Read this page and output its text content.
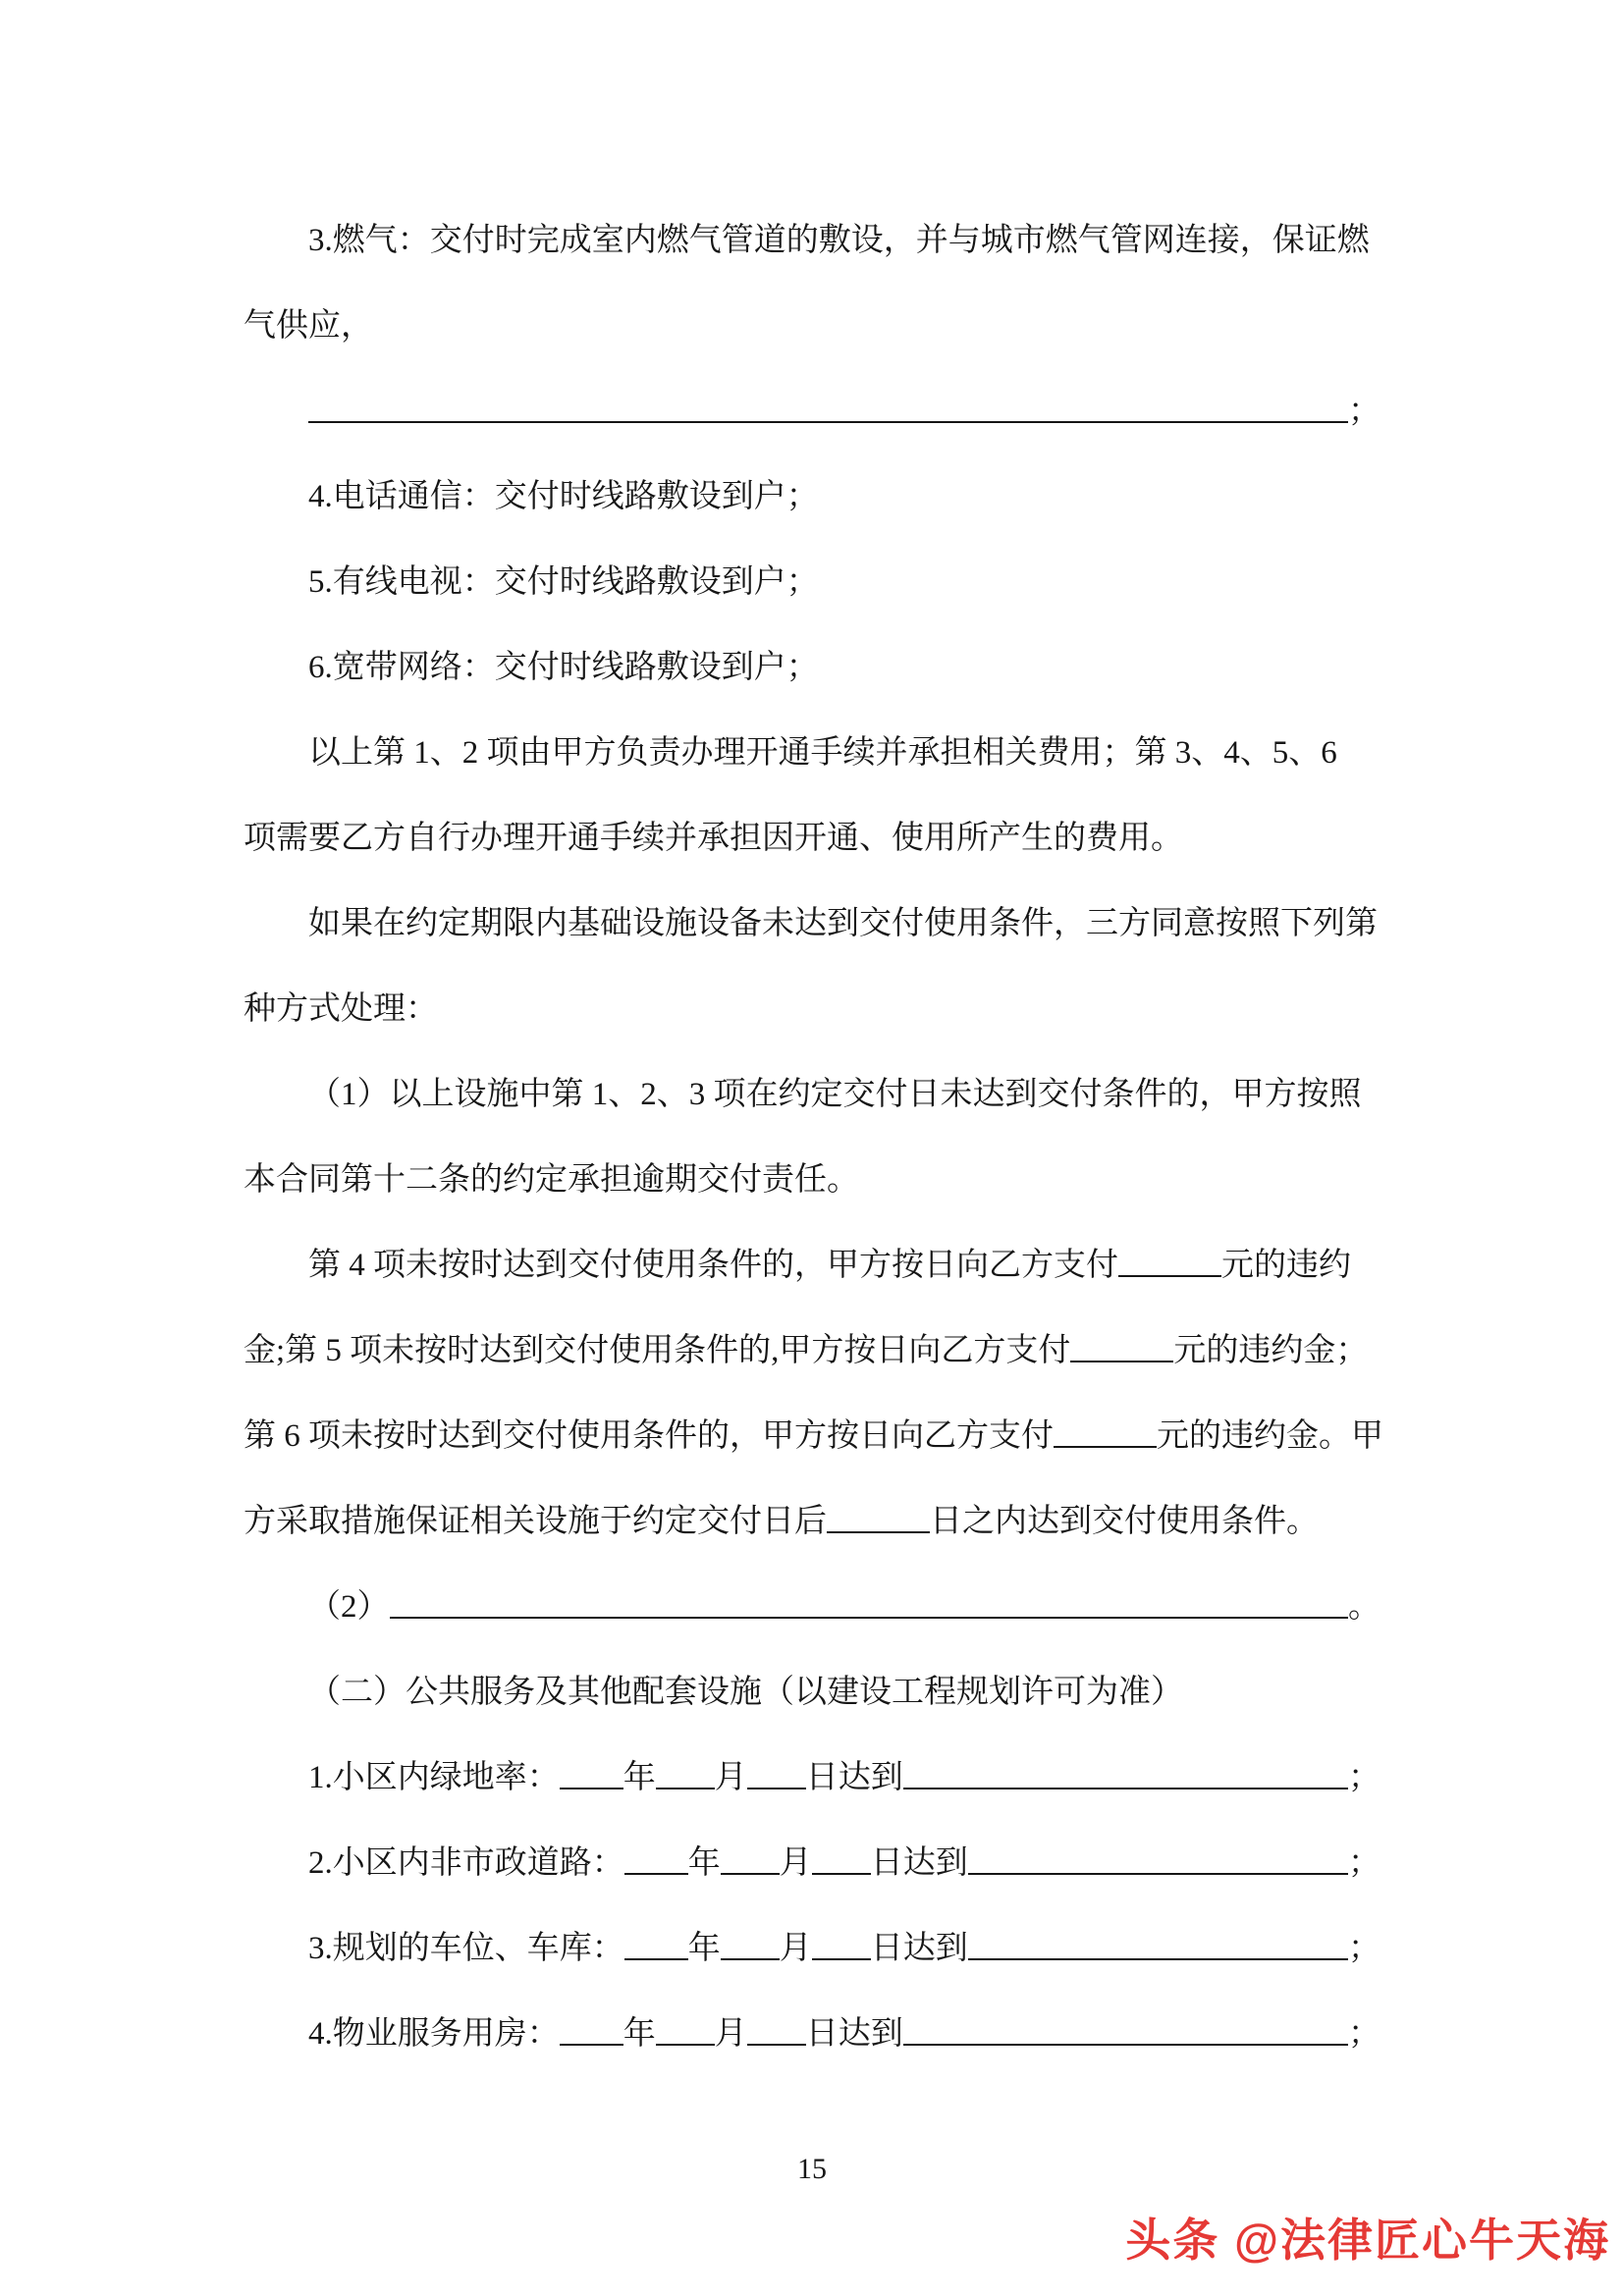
3.燃气：交付时完成室内燃气管道的敷设，并与城市燃气管网连接，保证燃
气供应，
；
4.电话通信：交付时线路敷设到户；
5.有线电视：交付时线路敷设到户；
6.宽带网络：交付时线路敷设到户；
以上第 1、2 项由甲方负责办理开通手续并承担相关费用；第 3、4、5、6
项需要乙方自行办理开通手续并承担因开通、使用所产生的费用。
如果在约定期限内基础设施设备未达到交付使用条件，三方同意按照下列第
种方式处理：
（1）以上设施中第 1、2、3 项在约定交付日未达到交付条件的，甲方按照
本合同第十二条的约定承担逾期交付责任。
第 4 项未按时达到交付使用条件的，甲方按日向乙方支付	元的违约
金;第 5 项未按时达到交付使用条件的,甲方按日向乙方支付	元的违约金；
第 6 项未按时达到交付使用条件的，甲方按日向乙方支付	元的违约金。甲
方采取措施保证相关设施于约定交付日后	日之内达到交付使用条件。
（2）	。
（二）公共服务及其他配套设施（以建设工程规划许可为准）
1.小区内绿地率： 年 月 日达到	；
2.小区内非市政道路： 年 月 日达到	；
3.规划的车位、车库： 年 月 日达到	；
4.物业服务用房： 年 月 日达到	；
15
头条 @法律匠心牛天海
